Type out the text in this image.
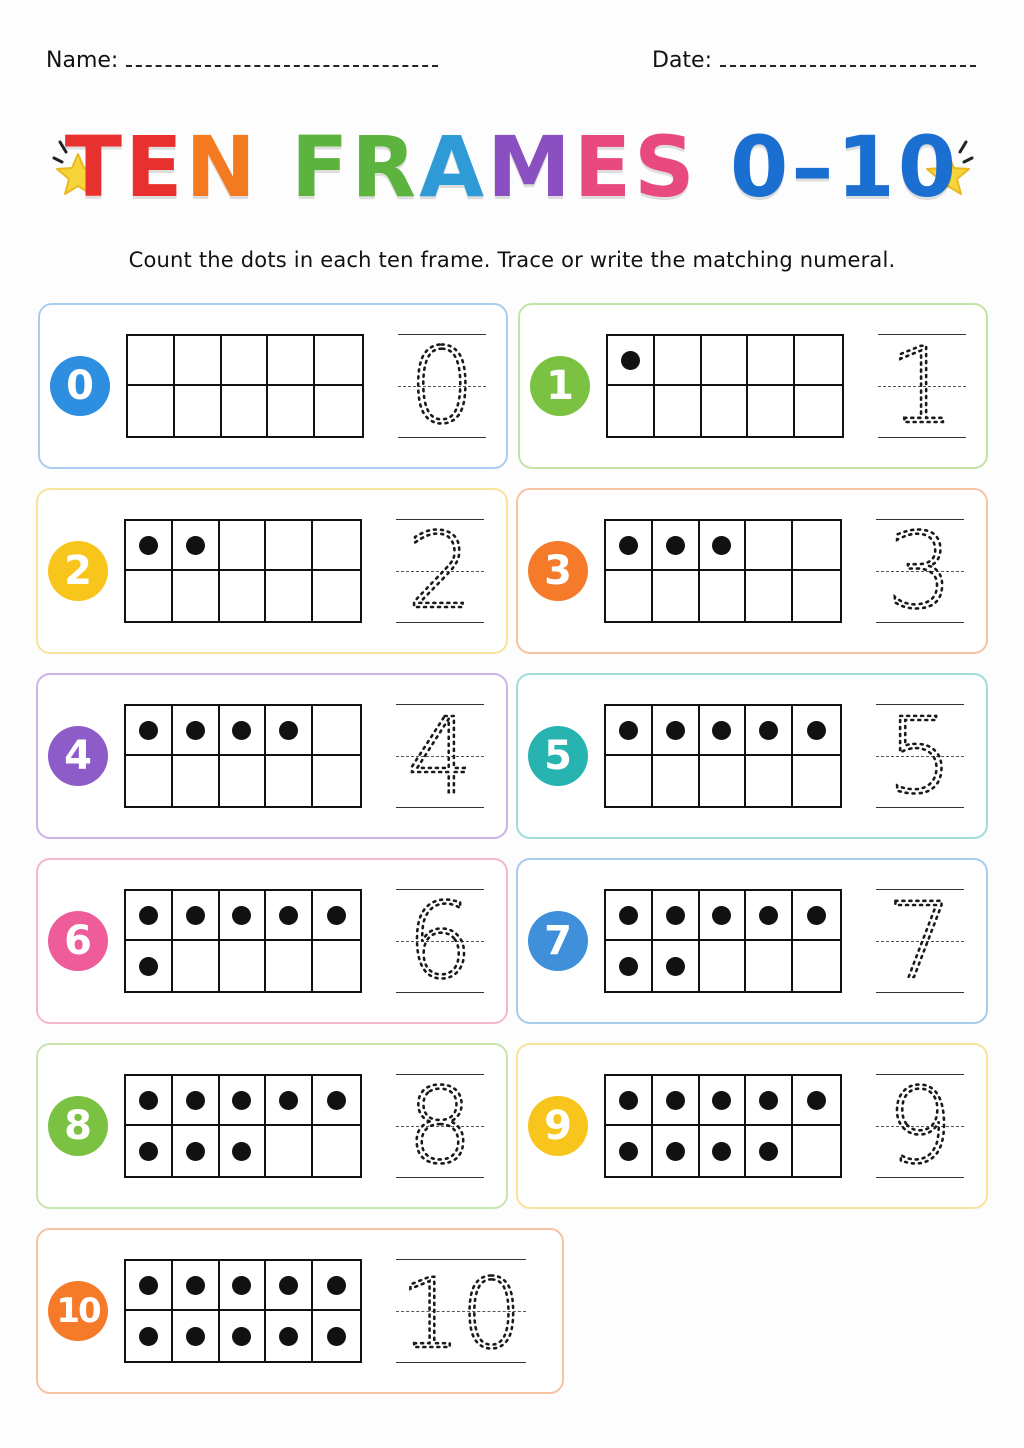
Name:	Date:
TEN FRAMES 0–10
Count the dots in each ten frame. Trace or write the matching numeral.
0	0	1	1
2	2	3	3
4	4	5	5
6	6	7	7
8	8	9	9
10	10
